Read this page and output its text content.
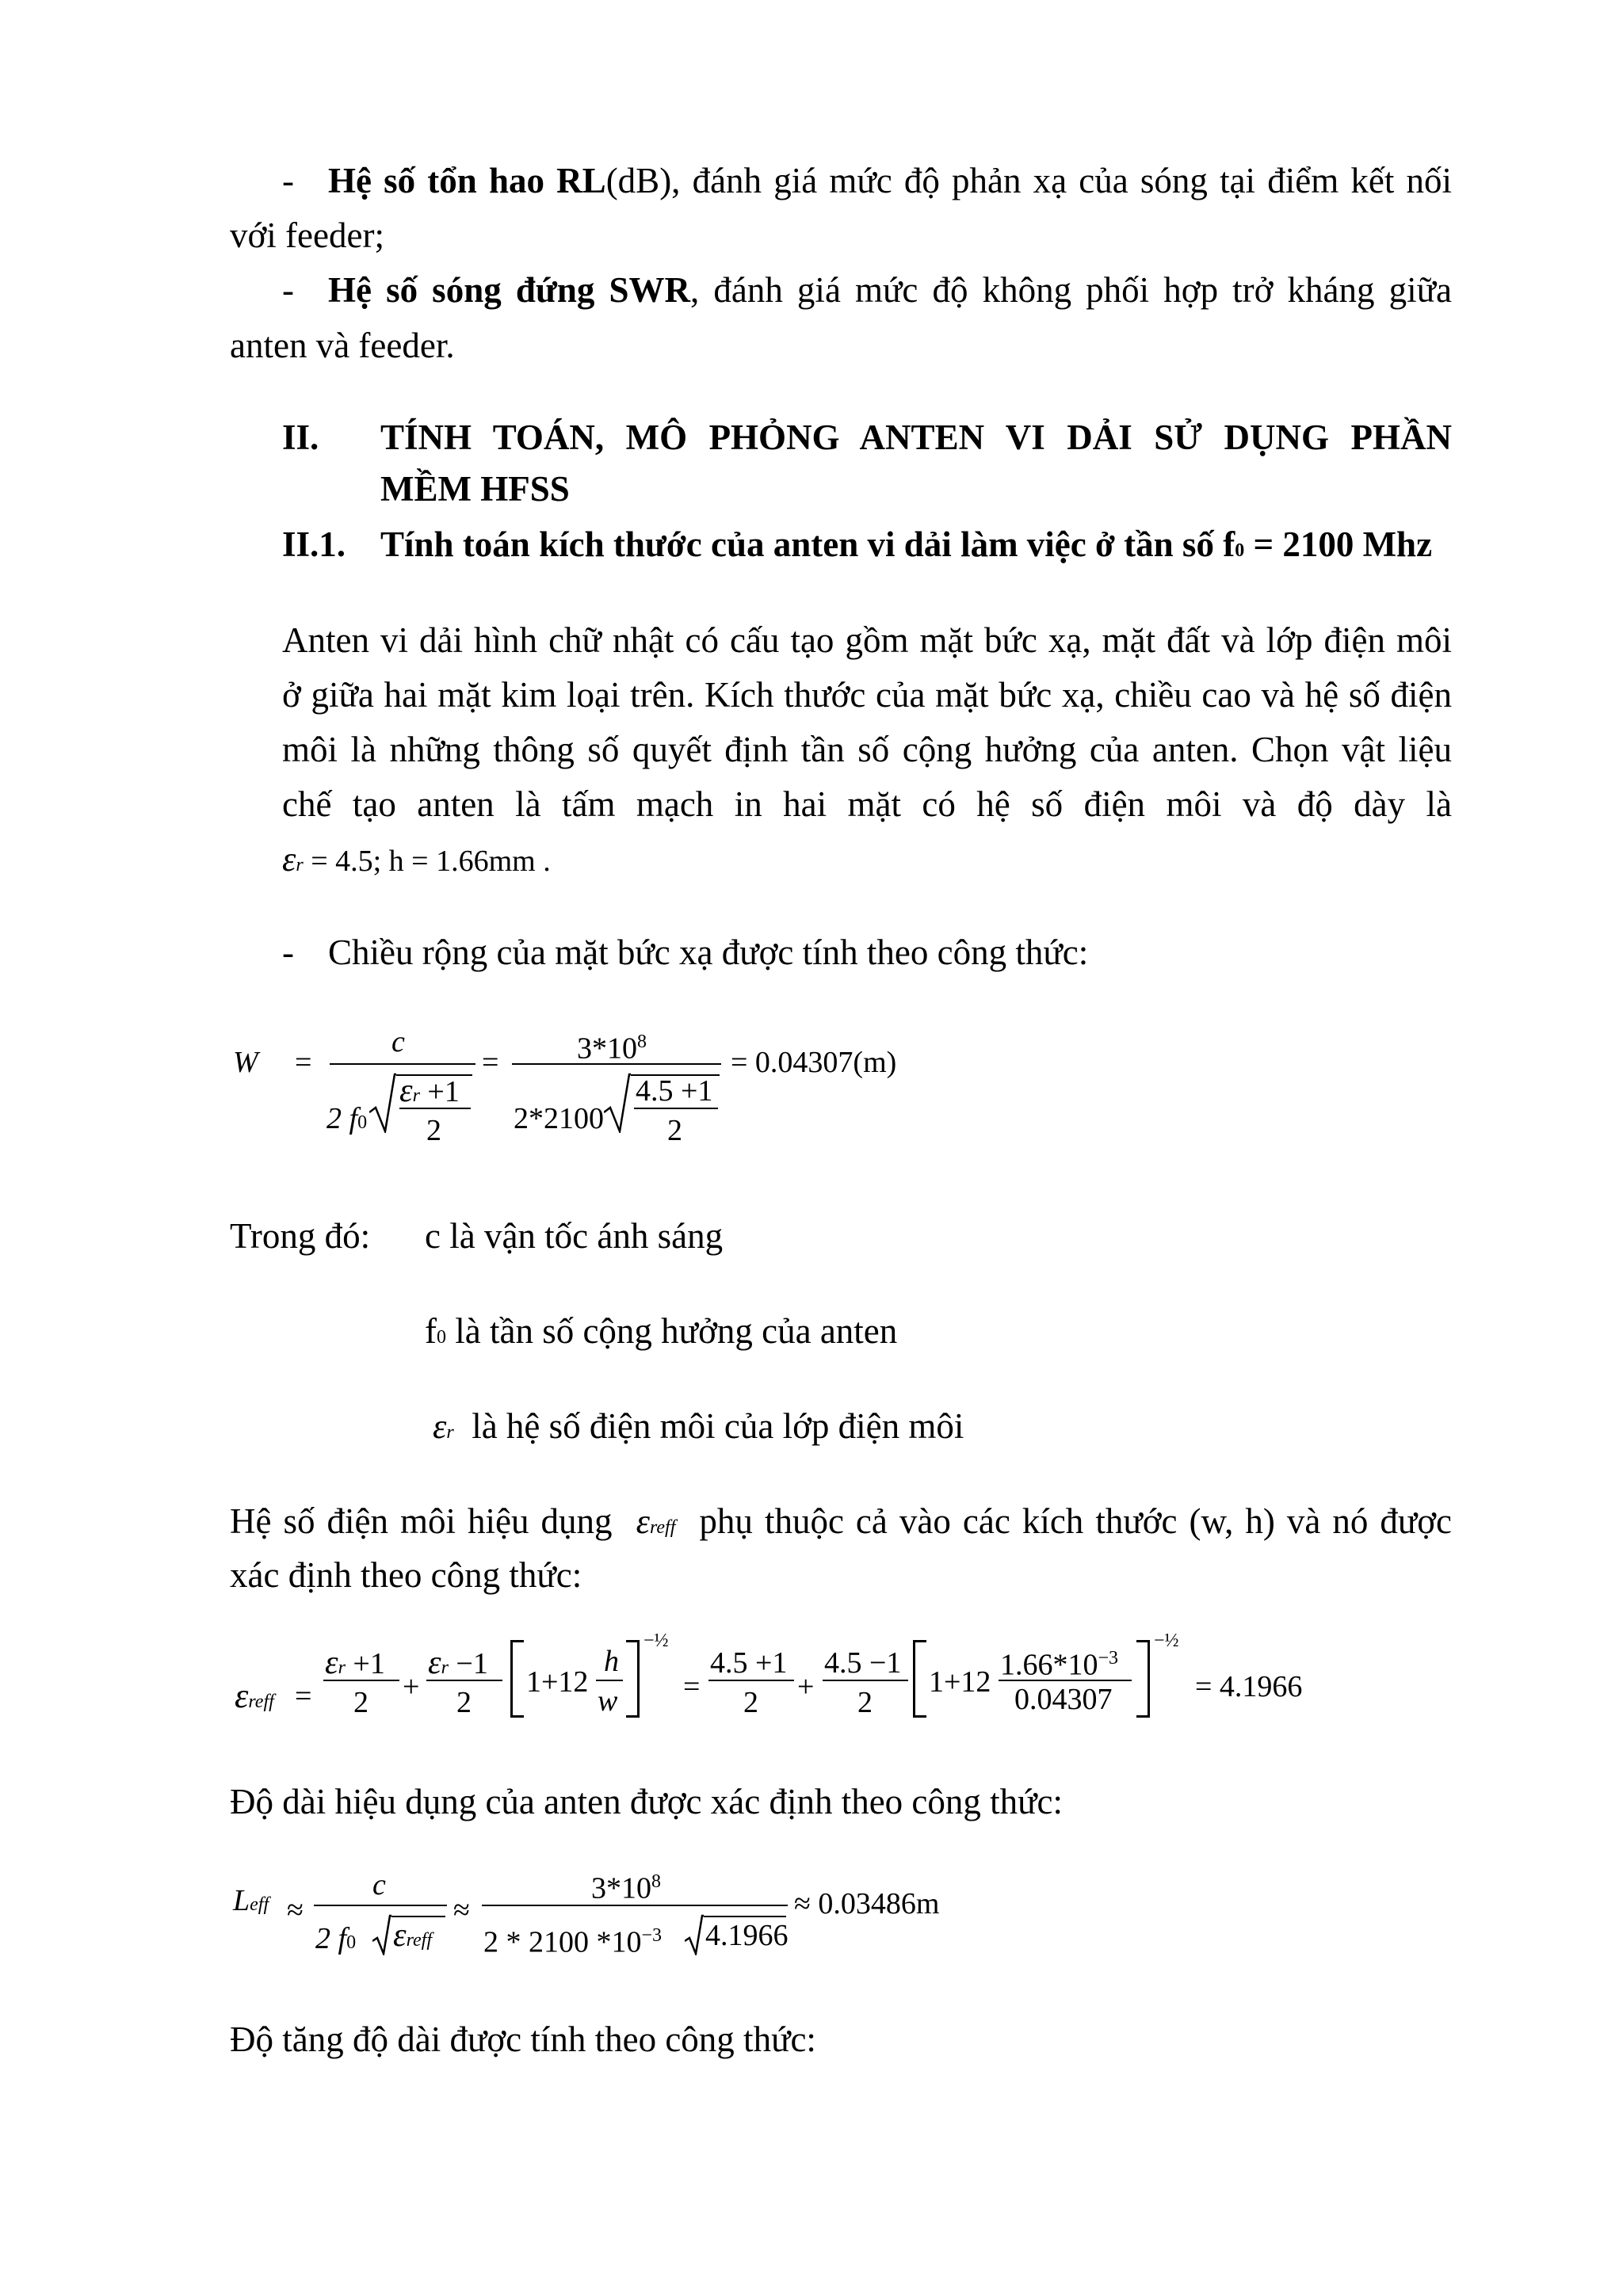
- Hệ số tổn hao RL(dB), đánh giá mức độ phản xạ của sóng tại điểm kết nối
với feeder;
- Hệ số sóng đứng SWR, đánh giá mức độ không phối hợp trở kháng giữa
anten và feeder.
II. TÍNH TOÁN, MÔ PHỎNG ANTEN VI DẢI SỬ DỤNG PHẦN
MỀM HFSS
II.1. Tính toán kích thước của anten vi dải làm việc ở tần số f0 = 2100 Mhz
Anten vi dải hình chữ nhật có cấu tạo gồm mặt bức xạ, mặt đất và lớp điện môi
ở giữa hai mặt kim loại trên. Kích thước của mặt bức xạ, chiều cao và hệ số điện
môi là những thông số quyết định tần số cộng hưởng của anten. Chọn vật liệu
chế tạo anten là tấm mạch in hai mặt có hệ số điện môi và độ dày là
εr = 4.5; h = 1.66mm .
- Chiều rộng của mặt bức xạ được tính theo công thức:
W =
c
2 f0
εr +1
2
=	$3*10^8$
2*2100
4.5 +1
2
= 0.04307(m)
Trong đó: c là vận tốc ánh sáng
f0 là tần số cộng hưởng của anten
εr là hệ số điện môi của lớp điện môi
Hệ số điện môi hiệu dụng εreff phụ thuộc cả vào các kích thước (w, h) và nó được
xác định theo công thức:
εreff =
εr +1
2 +
εr −1
2
1+12
h
w
−½
=
4.5 +1
2 +
4.5 −1
2
1+12
$1.66*10^{-3}$
0.04307
−½
= 4.1966
Độ dài hiệu dụng của anten được xác định theo công thức:
Leff ≈
c
2 f0 εreff
≈
$3*10^8$
2 * 2100 $*10^{-3}$ 4.1966
≈ 0.03486m
Độ tăng độ dài được tính theo công thức:
